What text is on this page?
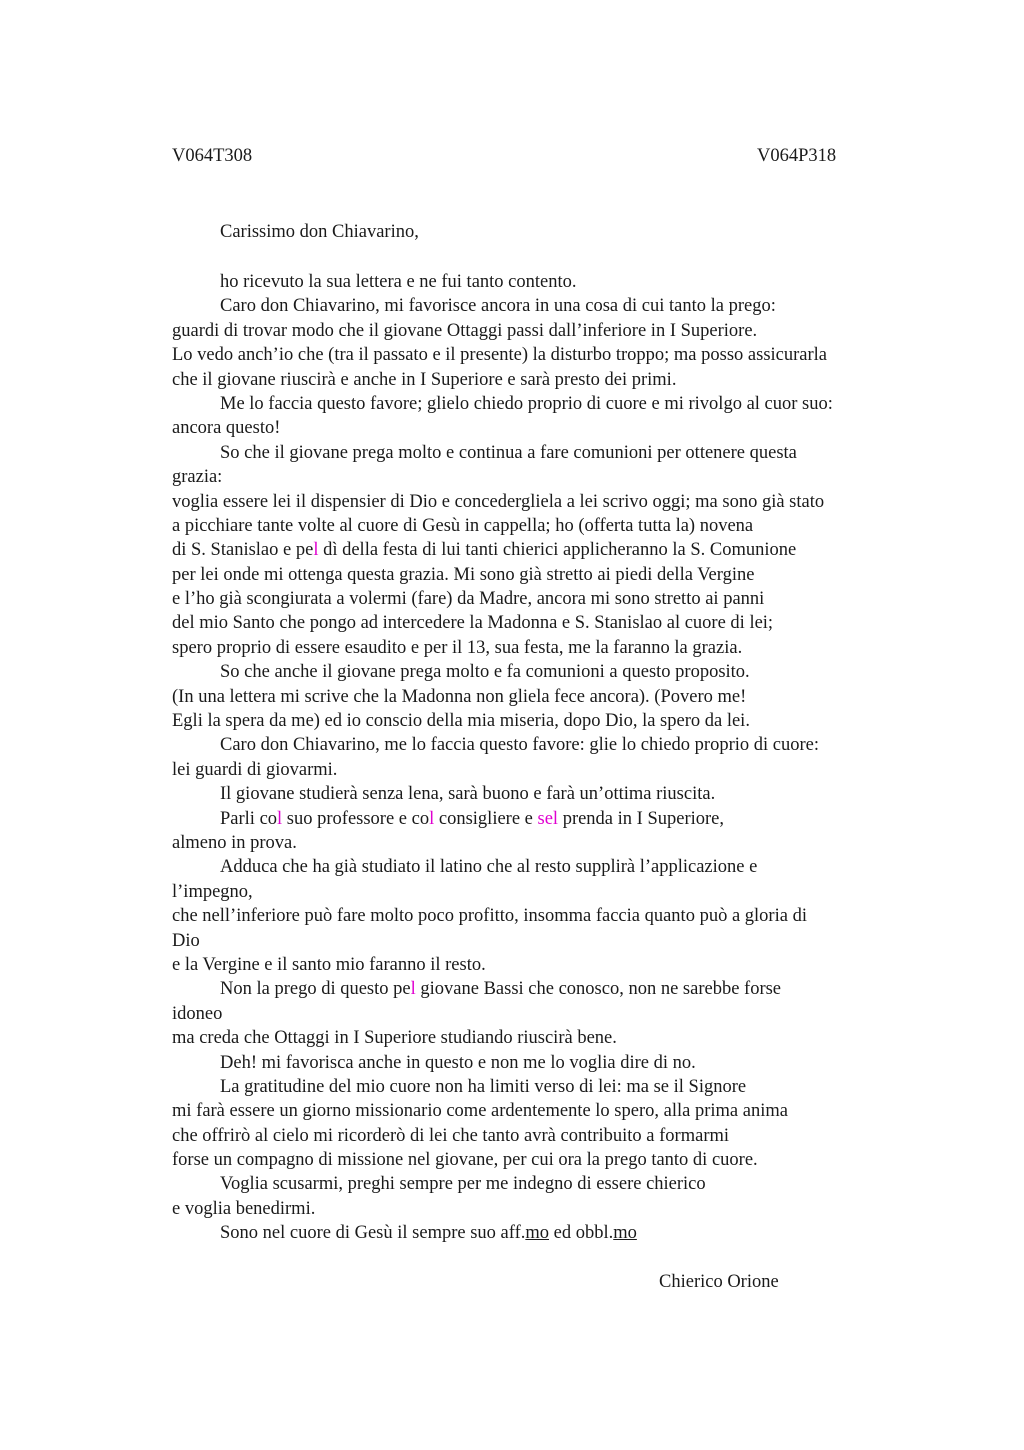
V064T308	V064P318
Carissimo don Chiavarino,
ho ricevuto la sua lettera e ne fui tanto contento.
Caro don Chiavarino, mi favorisce ancora in una cosa di cui tanto la prego:
guardi di trovar modo che il giovane Ottaggi passi dall’inferiore in I Superiore.
Lo vedo anch’io che (tra il passato e il presente) la disturbo troppo; ma posso assicurarla
che il giovane riuscirà e anche in I Superiore e sarà presto dei primi.
Me lo faccia questo favore; glielo chiedo proprio di cuore e mi rivolgo al cuor suo:
ancora questo!
So che il giovane prega molto e continua a fare comunioni per ottenere questa
grazia:
voglia essere lei il dispensier di Dio e concedergliela a lei scrivo oggi; ma sono già stato
a picchiare tante volte al cuore di Gesù in cappella; ho (offerta tutta la) novena
di S. Stanislao e pel dì della festa di lui tanti chierici applicheranno la S. Comunione
per lei onde mi ottenga questa grazia. Mi sono già stretto ai piedi della Vergine
e l’ho già scongiurata a volermi (fare) da Madre, ancora mi sono stretto ai panni
del mio Santo che pongo ad intercedere la Madonna e S. Stanislao al cuore di lei;
spero proprio di essere esaudito e per il 13, sua festa, me la faranno la grazia.
So che anche il giovane prega molto e fa comunioni a questo proposito.
(In una lettera mi scrive che la Madonna non gliela fece ancora). (Povero me!
Egli la spera da me) ed io conscio della mia miseria, dopo Dio, la spero da lei.
Caro don Chiavarino, me lo faccia questo favore: glie lo chiedo proprio di cuore:
lei guardi di giovarmi.
Il giovane studierà senza lena, sarà buono e farà un’ottima riuscita.
Parli col suo professore e col consigliere e sel prenda in I Superiore,
almeno in prova.
Adduca che ha già studiato il latino che al resto supplirà l’applicazione e
l’impegno,
che nell’inferiore può fare molto poco profitto, insomma faccia quanto può a gloria di
Dio
e la Vergine e il santo mio faranno il resto.
Non la prego di questo pel giovane Bassi che conosco, non ne sarebbe forse
idoneo
ma creda che Ottaggi in I Superiore studiando riuscirà bene.
Deh! mi favorisca anche in questo e non me lo voglia dire di no.
La gratitudine del mio cuore non ha limiti verso di lei: ma se il Signore
mi farà essere un giorno missionario come ardentemente lo spero, alla prima anima
che offrirò al cielo mi ricorderò di lei che tanto avrà contribuito a formarmi
forse un compagno di missione nel giovane, per cui ora la prego tanto di cuore.
Voglia scusarmi, preghi sempre per me indegno di essere chierico
e voglia benedirmi.
Sono nel cuore di Gesù il sempre suo aff.mo ed obbl.mo
Chierico Orione
